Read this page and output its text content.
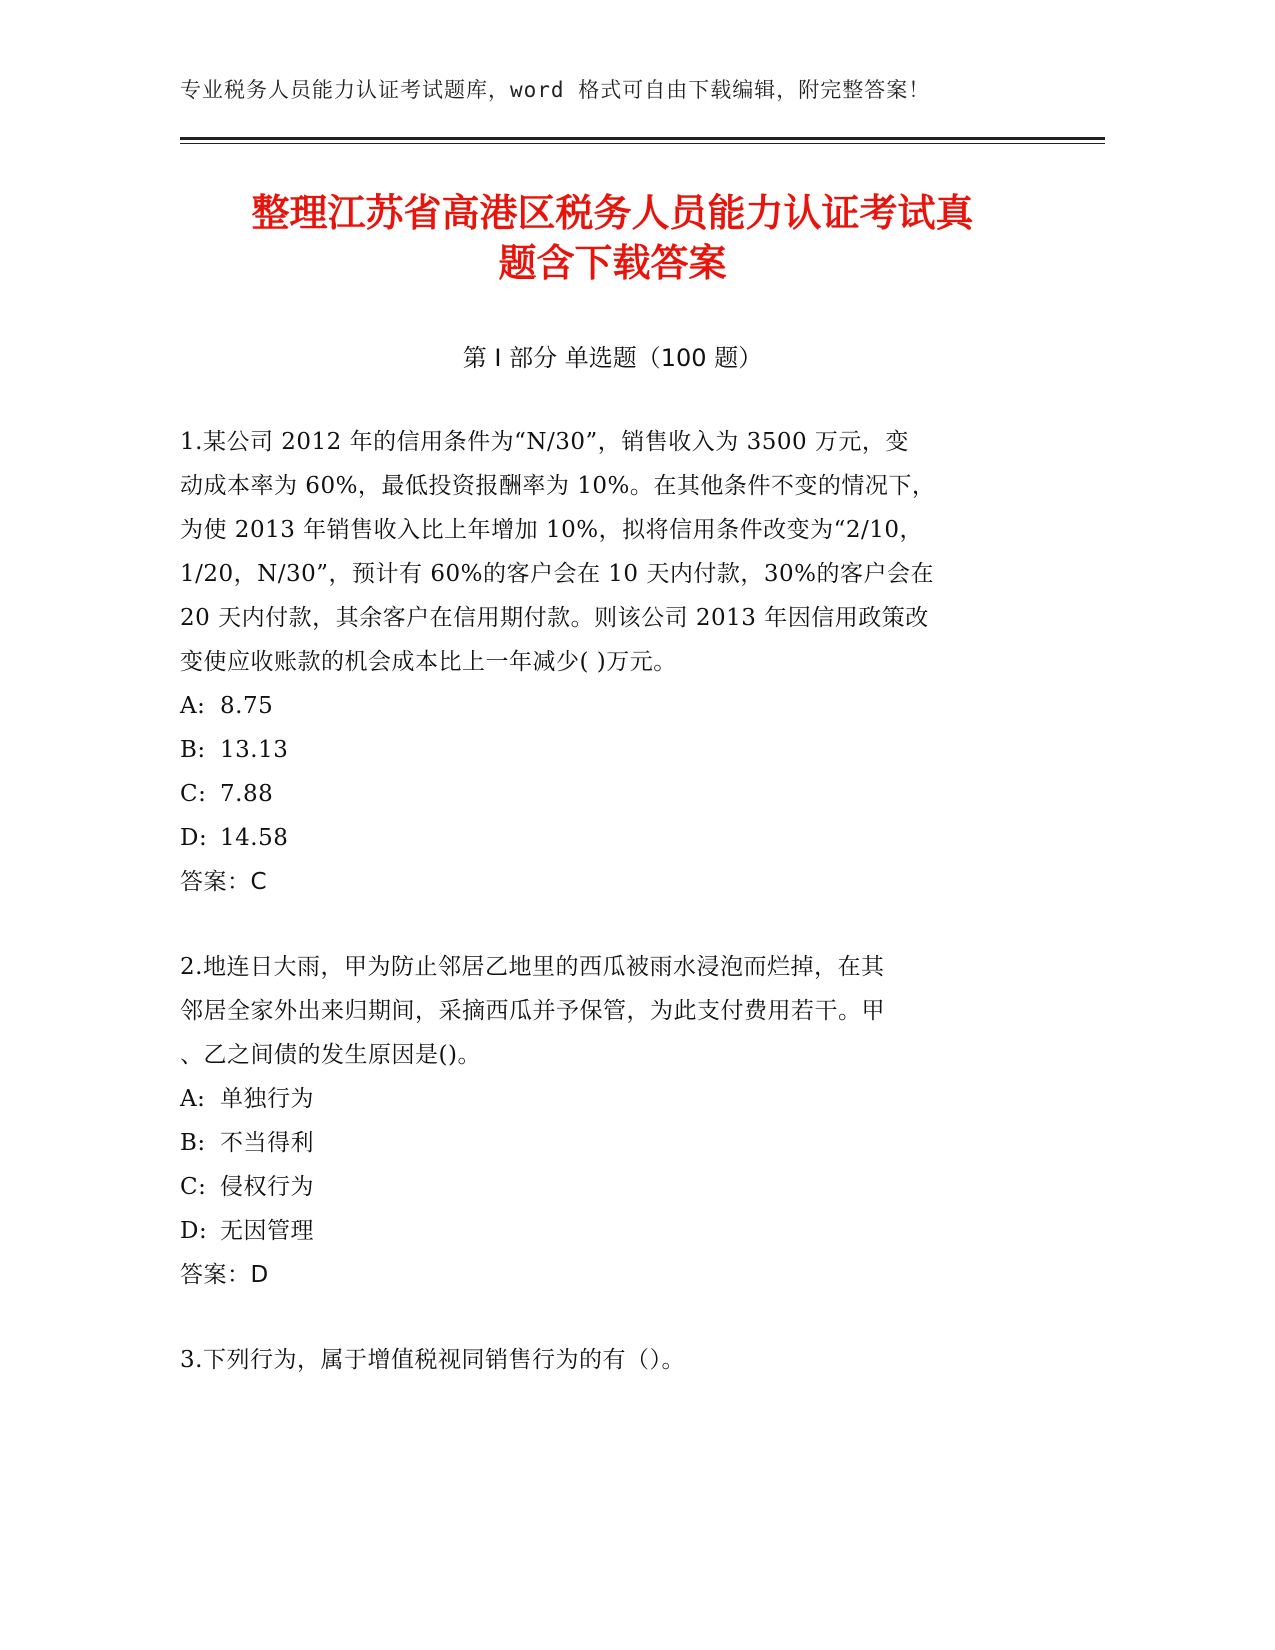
专业税务人员能力认证考试题库，word 格式可自由下载编辑，附完整答案！
整理江苏省高港区税务人员能力认证考试真
题含下载答案
第 I 部分 单选题（100 题）
1.某公司 2012 年的信用条件为“N/30”，销售收入为 3500 万元，变
动成本率为 60%，最低投资报酬率为 10%。在其他条件不变的情况下，
为使 2013 年销售收入比上年增加 10%，拟将信用条件改变为“2/10，
1/20，N/30”，预计有 60%的客户会在 10 天内付款，30%的客户会在
20 天内付款，其余客户在信用期付款。则该公司 2013 年因信用政策改
变使应收账款的机会成本比上一年减少( )万元。
A: 8.75
B: 13.13
C: 7.88
D: 14.58
答案：C
2.地连日大雨，甲为防止邻居乙地里的西瓜被雨水浸泡而烂掉，在其
邻居全家外出来归期间，采摘西瓜并予保管，为此支付费用若干。甲
、乙之间债的发生原因是()。
A: 单独行为
B: 不当得利
C: 侵权行为
D: 无因管理
答案：D
3.下列行为，属于增值税视同销售行为的有（）。
